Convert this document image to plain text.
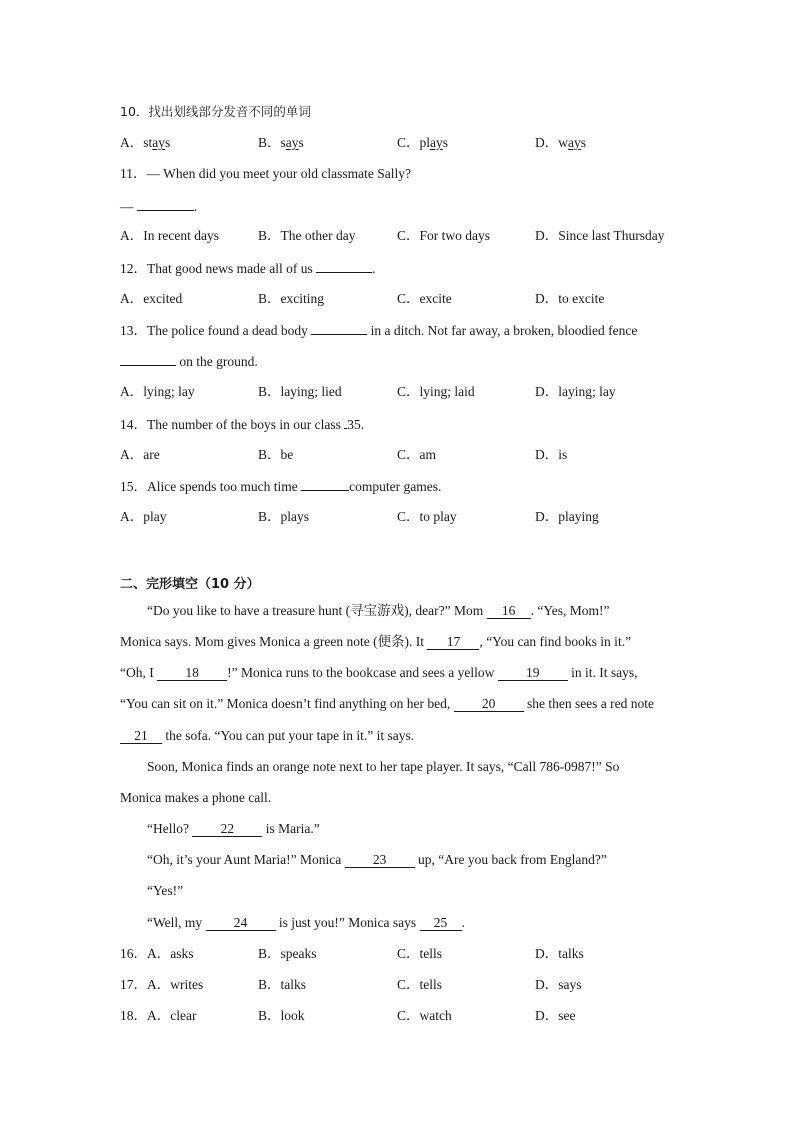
10．找出划线部分发音不同的单词
A．stays	B．says	C．plays	D．ways
11．— When did you meet your old classmate Sally?
—	.
A．In recent days	B．The other day	C．For two days	D．Since last Thursday
12．That good news made all of us	.
A．excited	B．exciting	C．excite	D．to excite
13．The police found a dead body	in a ditch. Not far away, a broken, bloodied fence
on the ground.
A．lying; lay	B．laying; lied	C．lying; laid	D．laying; lay
14．The number of the boys in our class 35.
A．are	B．be	C．am	D．is
15．Alice spends too much time	computer games.
A．play	B．plays	C．to play	D．playing
二、完形填空（10 分）
“Do you like to have a treasure hunt (寻宝游戏), dear?” Mom 16 . “Yes, Mom!”
Monica says. Mom gives Monica a green note (便条). It 17 , “You can find books in it.”
“Oh, I 18 !” Monica runs to the bookcase and sees a yellow 19 in it. It says,
“You can sit on it.” Monica doesn’t find anything on her bed, 20 she then sees a red note
21 the sofa. “You can put your tape in it.” it says.
Soon, Monica finds an orange note next to her tape player. It says, “Call 786-0987!” So
Monica makes a phone call.
“Hello? 22 is Maria.”
“Oh, it’s your Aunt Maria!” Monica 23 up, “Are you back from England?”
“Yes!”
“Well, my 24 is just you!” Monica says 25 .
16．A．asks	B．speaks	C．tells	D．talks
17．A．writes	B．talks	C．tells	D．says
18．A．clear	B．look	C．watch	D．see
